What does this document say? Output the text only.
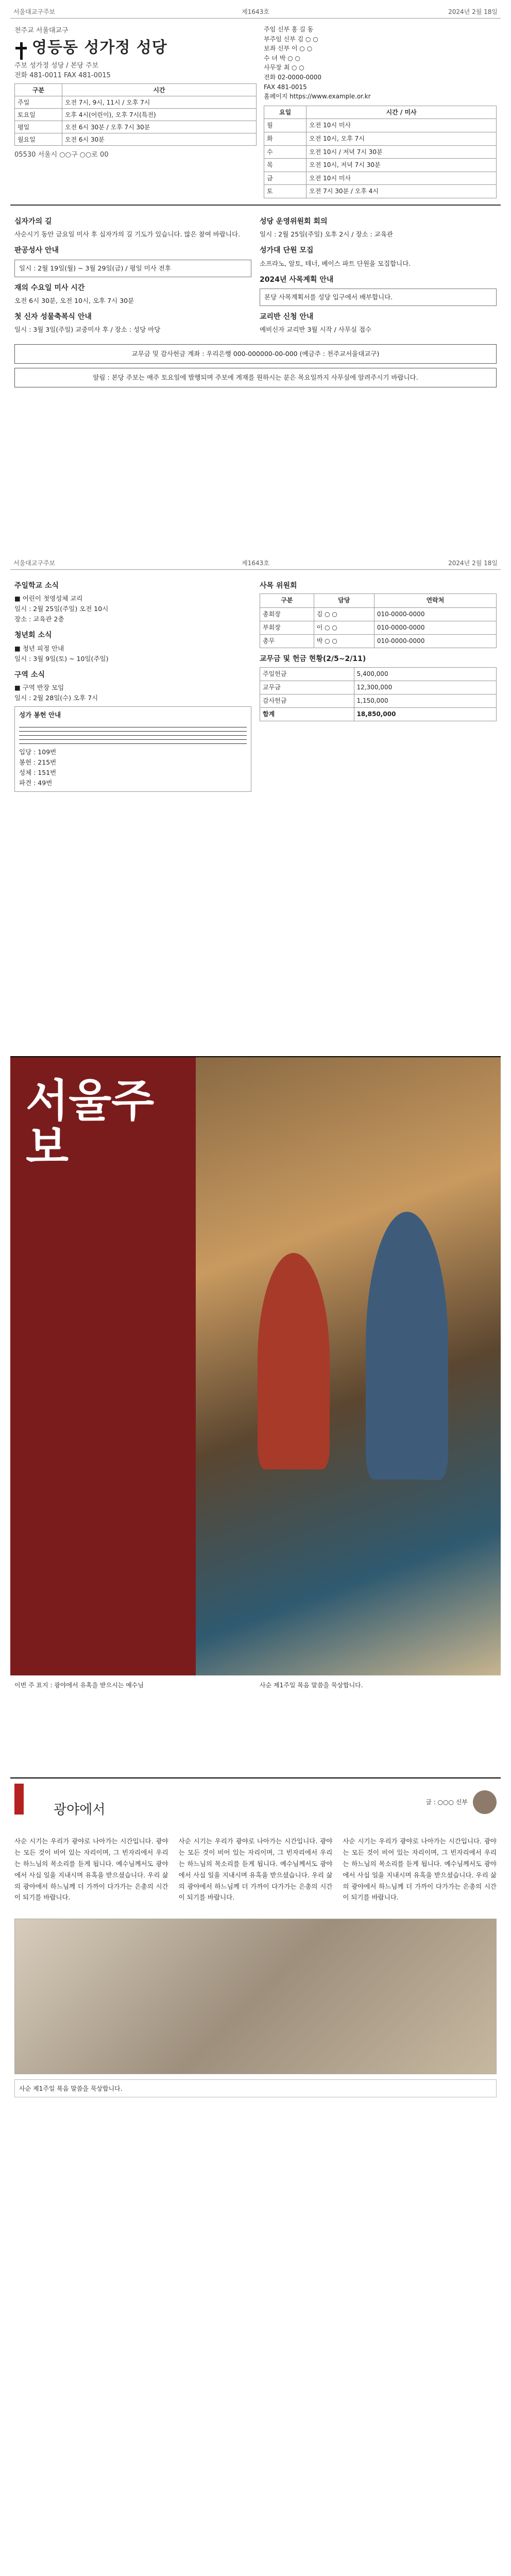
서울대교구주보	제1643호	2024년 2월 18일
천주교 서울대교구
영등동 성가정 성당
주보 성가정 성당 / 본당 주보
전화 481-0011 FAX 481-0015
구분	시간
주일	오전 7시, 9시, 11시 / 오후 7시
토요일	오후 4시(어린이), 오후 7시(특전)
평일	오전 6시 30분 / 오후 7시 30분
월요일	오전 6시 30분
05530 서울시 ○○구 ○○로 00
주임 신부 홍 길 동
부주임 신부 김 ○ ○
보좌 신부 이 ○ ○
수 녀 박 ○ ○
사무장 최 ○ ○
전화 02-0000-0000
FAX 481-0015
홈페이지 https://www.example.or.kr
요일	시간 / 미사
월	오전 10시 미사
화	오전 10시, 오후 7시
수	오전 10시 / 저녁 7시 30분
목	오전 10시, 저녁 7시 30분
금	오전 10시 미사
토	오전 7시 30분 / 오후 4시
십자가의 길
사순시기 동안 금요일 미사 후 십자가의 길 기도가 있습니다. 많은 참여 바랍니다.
판공성사 안내
일시 : 2월 19일(월) ~ 3월 29일(금) / 평일 미사 전후
재의 수요일 미사 시간
오전 6시 30분, 오전 10시, 오후 7시 30분
첫 신자 성물축복식 안내
일시 : 3월 3일(주일) 교중미사 후 / 장소 : 성당 마당
성당 운영위원회 회의
일시 : 2월 25일(주일) 오후 2시 / 장소 : 교육관
성가대 단원 모집
소프라노, 알토, 테너, 베이스 파트 단원을 모집합니다.
2024년 사목계획 안내
본당 사목계획서를 성당 입구에서 배부합니다.
교리반 신청 안내
예비신자 교리반 3월 시작 / 사무실 접수
교무금 및 감사헌금 계좌 : 우리은행 000-000000-00-000 (예금주 : 천주교서울대교구)
알림 : 본당 주보는 매주 토요일에 발행되며 주보에 게재를 원하시는 분은 목요일까지 사무실에 알려주시기 바랍니다.
서울대교구주보	제1643호	2024년 2월 18일
주일학교 소식
■ 어린이 첫영성체 교리
일시 : 2월 25일(주일) 오전 10시
장소 : 교육관 2층
청년회 소식
■ 청년 피정 안내
일시 : 3월 9일(토) ~ 10일(주일)
구역 소식
■ 구역 반장 모임
일시 : 2월 28일(수) 오후 7시
성가 봉헌 안내
입당 : 109번
봉헌 : 215번
성체 : 151번
파견 : 49번
사목 위원회
구분	담당	연락처
총회장	김 ○ ○	010-0000-0000
부회장	이 ○ ○	010-0000-0000
총무	박 ○ ○	010-0000-0000
교무금 및 헌금 현황(2/5~2/11)
주일헌금	5,400,000
교무금	12,300,000
감사헌금	1,150,000
합계	18,850,000
서울주보
이번 주 표지 : 광야에서 유혹을 받으시는 예수님	사순 제1주일 복음 말씀을 묵상합니다.
광야에서	글 : ○○○ 신부
사순 시기는 우리가 광야로 나아가는 시간입니다. 광야는 모든 것이 비어 있는 자리이며, 그 빈자리에서 우리는 하느님의 목소리를 듣게 됩니다. 예수님께서도 광야에서 사십 일을 지내시며 유혹을 받으셨습니다. 우리 삶의 광야에서 하느님께 더 가까이 다가가는 은총의 시간이 되기를 바랍니다.
사순 시기는 우리가 광야로 나아가는 시간입니다. 광야는 모든 것이 비어 있는 자리이며, 그 빈자리에서 우리는 하느님의 목소리를 듣게 됩니다. 예수님께서도 광야에서 사십 일을 지내시며 유혹을 받으셨습니다. 우리 삶의 광야에서 하느님께 더 가까이 다가가는 은총의 시간이 되기를 바랍니다.
사순 시기는 우리가 광야로 나아가는 시간입니다. 광야는 모든 것이 비어 있는 자리이며, 그 빈자리에서 우리는 하느님의 목소리를 듣게 됩니다. 예수님께서도 광야에서 사십 일을 지내시며 유혹을 받으셨습니다. 우리 삶의 광야에서 하느님께 더 가까이 다가가는 은총의 시간이 되기를 바랍니다.
사순 제1주일 복음 말씀을 묵상합니다.
